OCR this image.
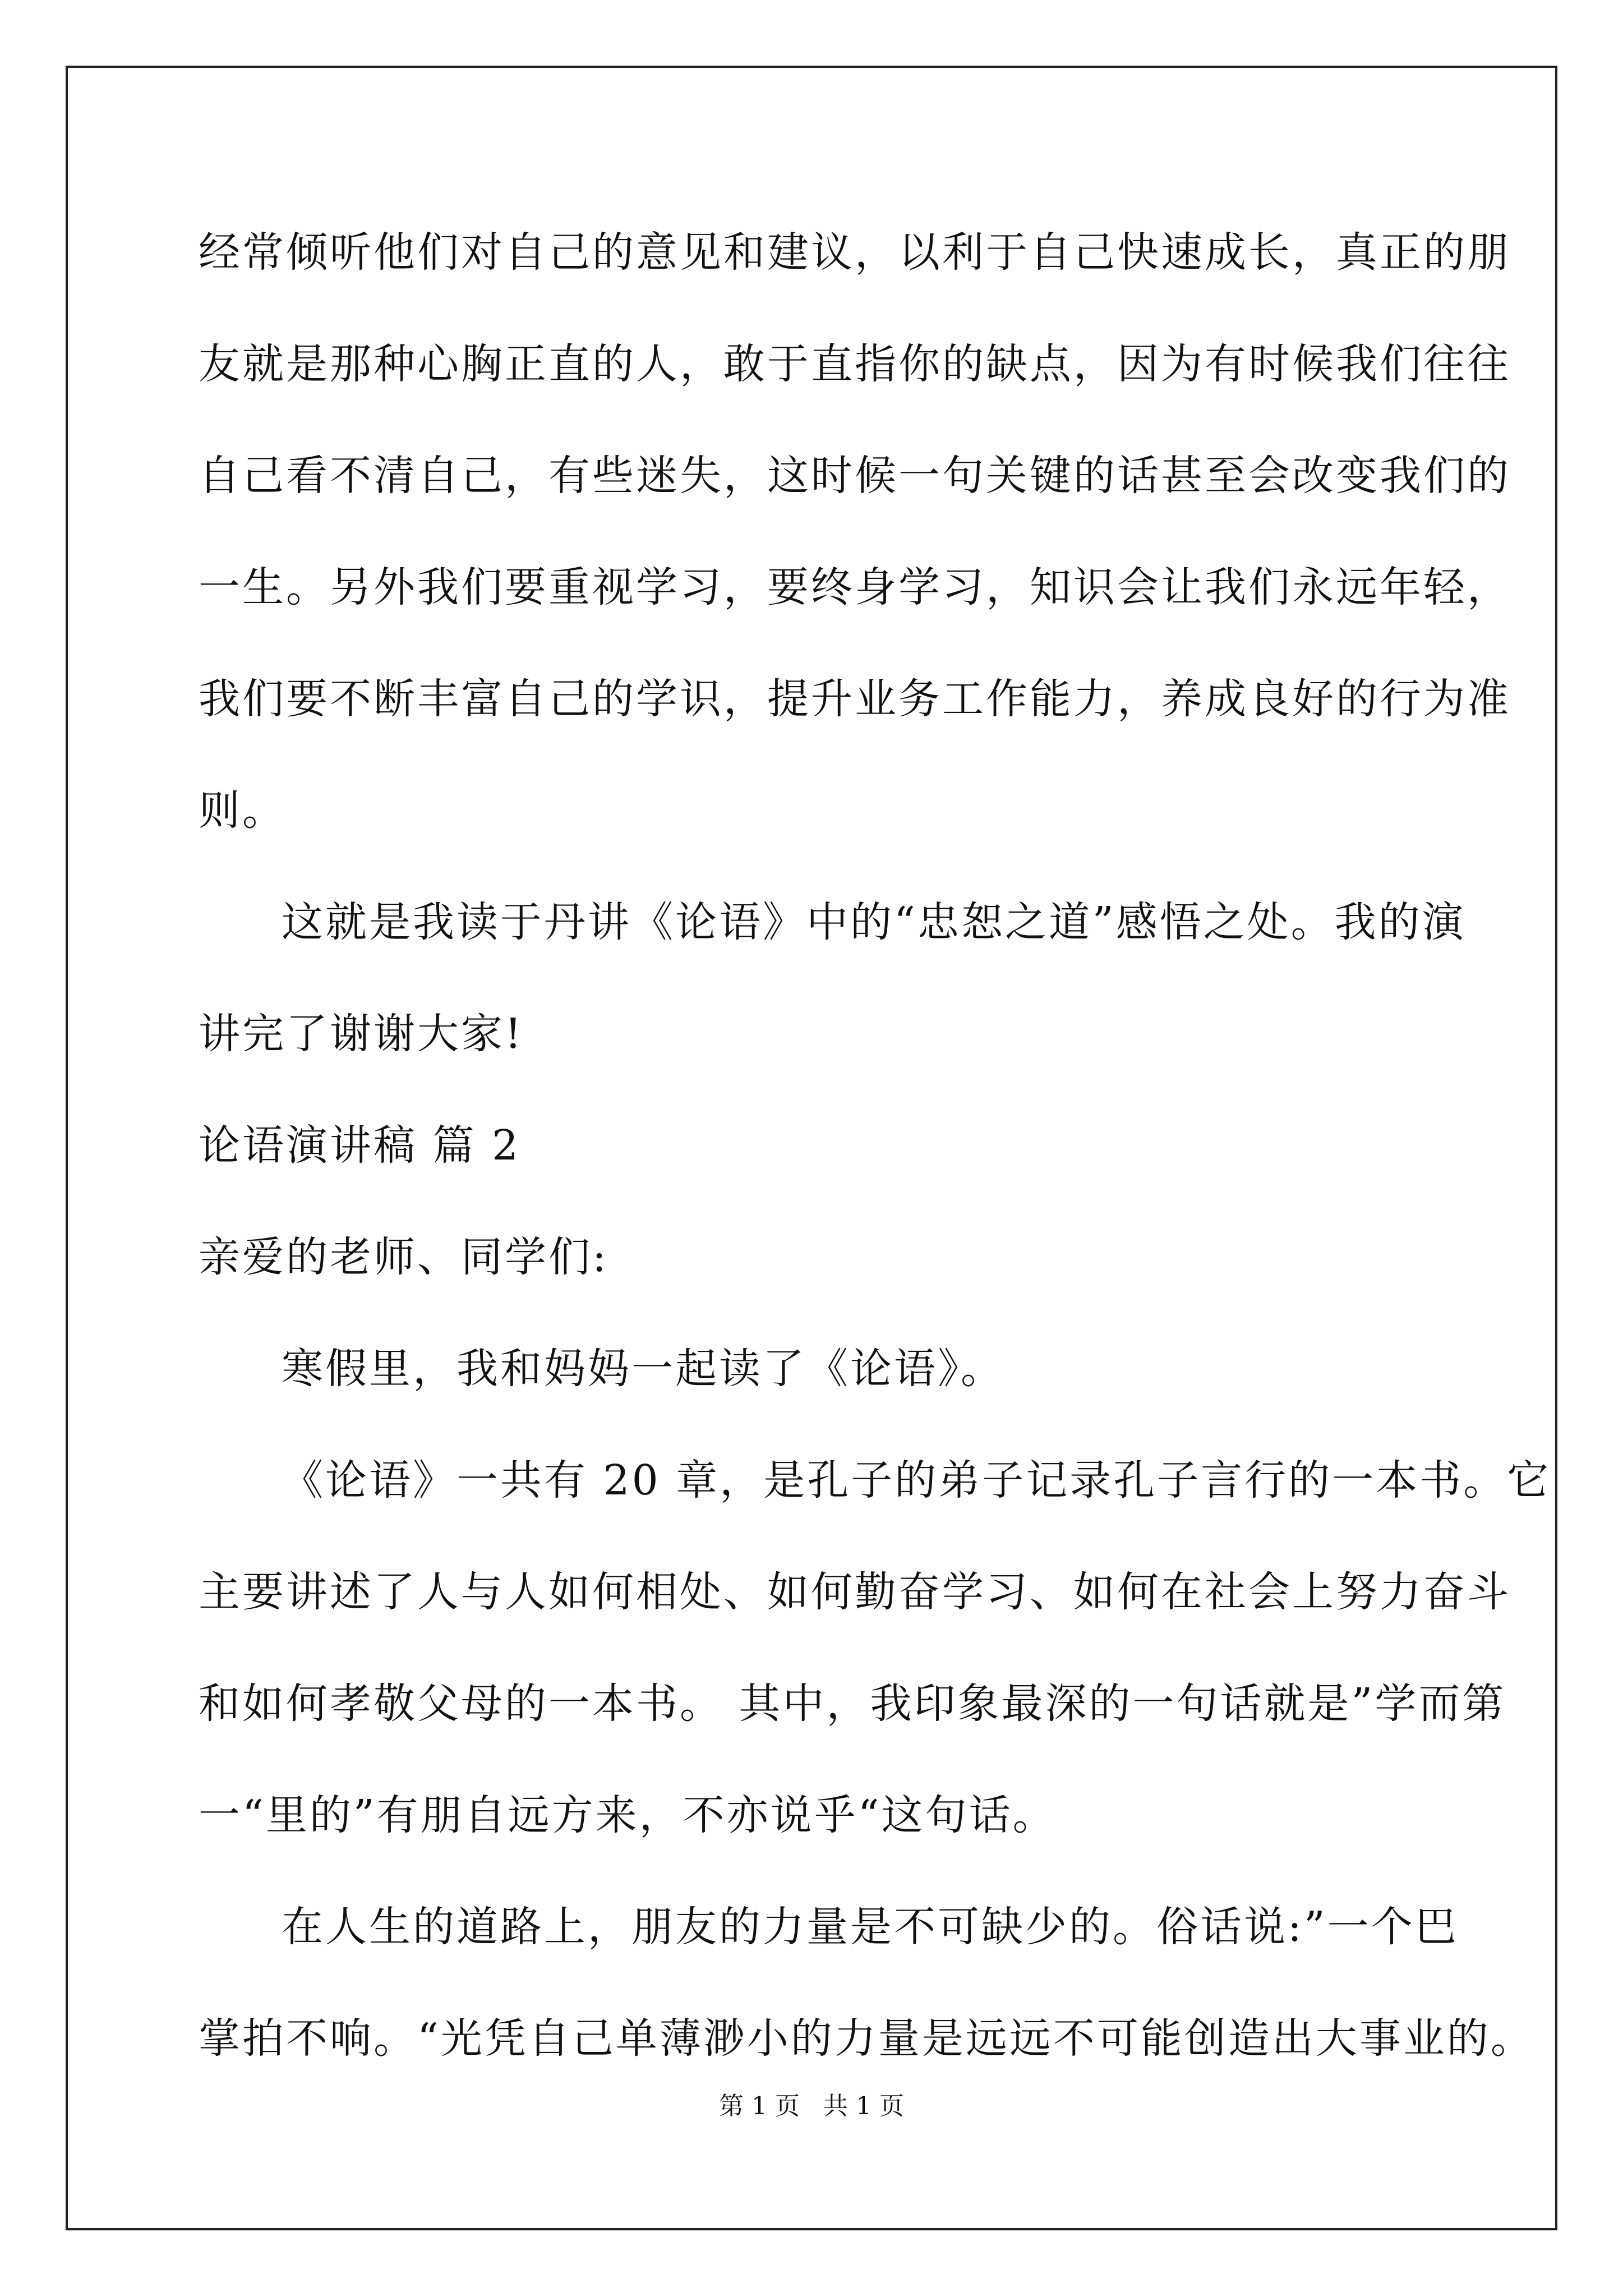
经常倾听他们对自己的意见和建议，以利于自己快速成长，真正的朋
友就是那种心胸正直的人，敢于直指你的缺点，因为有时候我们往往
自己看不清自己，有些迷失，这时候一句关键的话甚至会改变我们的
一生。另外我们要重视学习，要终身学习，知识会让我们永远年轻，
我们要不断丰富自己的学识，提升业务工作能力，养成良好的行为准
则。
这就是我读于丹讲《论语》中的“忠恕之道”感悟之处。我的演
讲完了谢谢大家!
论语演讲稿 篇 2
亲爱的老师、同学们:
寒假里，我和妈妈一起读了《论语》。
《论语》一共有 20 章，是孔子的弟子记录孔子言行的一本书。它
主要讲述了人与人如何相处、如何勤奋学习、如何在社会上努力奋斗
和如何孝敬父母的一本书。 其中，我印象最深的一句话就是”学而第
一“里的”有朋自远方来，不亦说乎“这句话。
在人生的道路上，朋友的力量是不可缺少的。俗话说:”一个巴
掌拍不响。“光凭自己单薄渺小的力量是远远不可能创造出大事业的。
第 1 页   共 1 页
